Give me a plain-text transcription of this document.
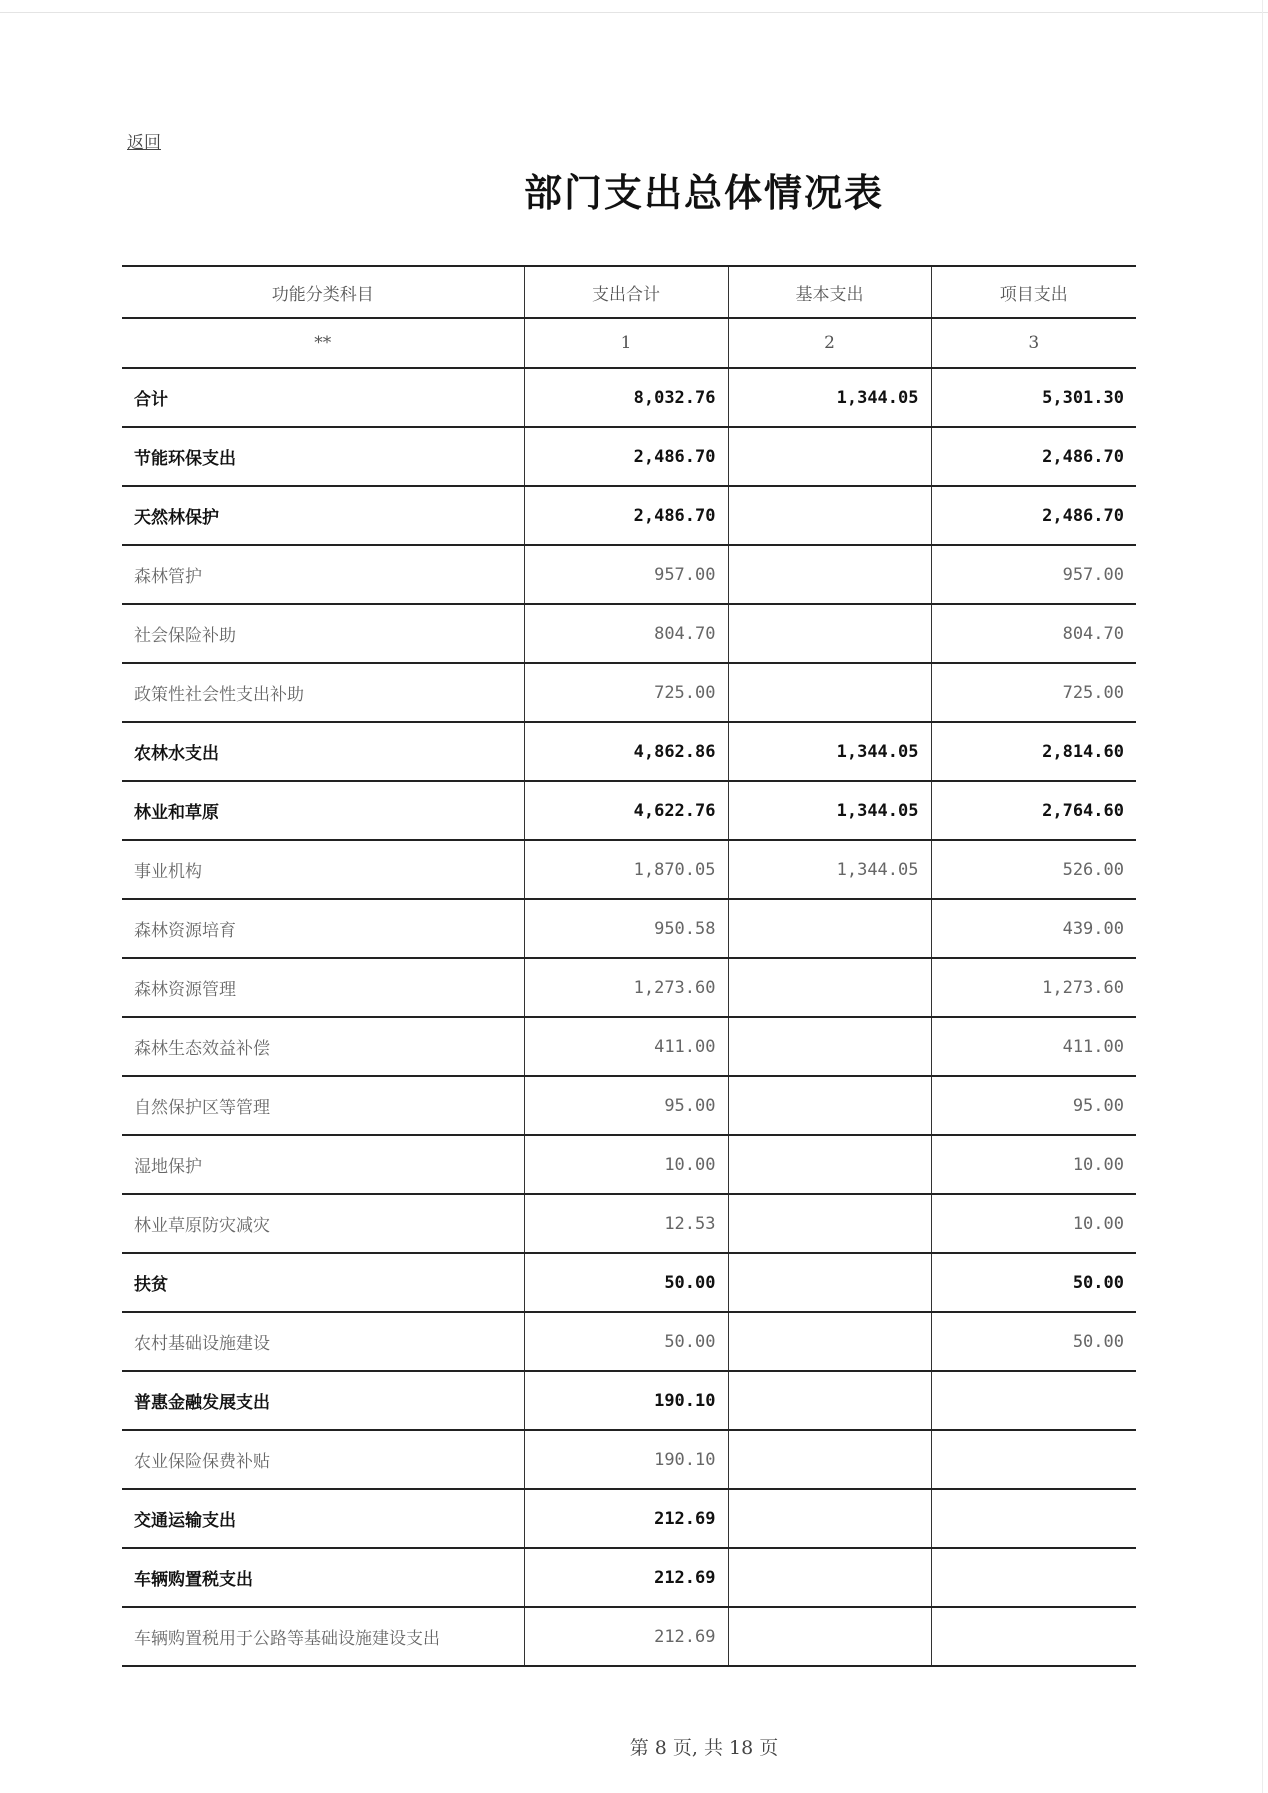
返回
部门支出总体情况表
功能分类科目	支出合计	基本支出	项目支出
**	1	2	3
合计	8,032.76	1,344.05	5,301.30
节能环保支出	2,486.70		2,486.70
天然林保护	2,486.70		2,486.70
森林管护	957.00		957.00
社会保险补助	804.70		804.70
政策性社会性支出补助	725.00		725.00
农林水支出	4,862.86	1,344.05	2,814.60
林业和草原	4,622.76	1,344.05	2,764.60
事业机构	1,870.05	1,344.05	526.00
森林资源培育	950.58		439.00
森林资源管理	1,273.60		1,273.60
森林生态效益补偿	411.00		411.00
自然保护区等管理	95.00		95.00
湿地保护	10.00		10.00
林业草原防灾减灾	12.53		10.00
扶贫	50.00		50.00
农村基础设施建设	50.00		50.00
普惠金融发展支出	190.10		
农业保险保费补贴	190.10		
交通运输支出	212.69		
车辆购置税支出	212.69		
车辆购置税用于公路等基础设施建设支出	212.69		
第 8 页, 共 18 页
